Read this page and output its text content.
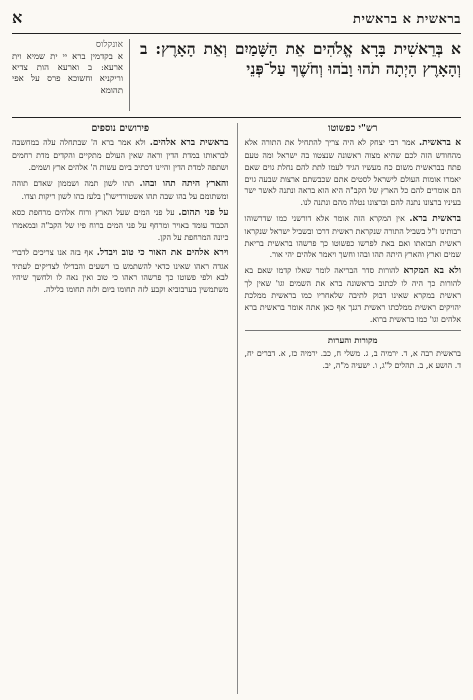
בראשית א בראשית
א

א בְּרֵאשִׁית בָּרָא אֱלֹהִים אֵת הַשָּׁמַיִם וְאֵת הָאָרֶץ: ב וְהָאָרֶץ הָיְתָה תֹהוּ וָבֹהוּ וְחֹשֶׁךְ עַל־פְּנֵי

אונקלוס

א בקדמין ברא יי ית שמיא וית ארעא: ב וארעא הות צדיא וריקניא וחשוכא פרס על אפי תהומא

רש"י כפשוטו

א בראשית. אמר רבי יצחק לא היה צריך להתחיל את התורה אלא מהחודש הזה לכם שהיא מצוה ראשונה שנצטוו בה ישראל ומה טעם פתח בבראשית משום כח מעשיו הגיד לעמו לתת להם נחלת גוים שאם יאמרו אומות העולם לישראל לסטים אתם שכבשתם ארצות שבעה גוים הם אומרים להם כל הארץ של הקב"ה היא הוא בראה ונתנה לאשר ישר בעיניו ברצונו נתנה להם וברצונו נטלה מהם ונתנה לנו.

בראשית ברא. אין המקרא הזה אומר אלא דורשני כמו שדרשוהו רבותינו ז"ל בשביל התורה שנקראת ראשית דרכו ובשביל ישראל שנקראו ראשית תבואתו ואם באת לפרשו כפשוטו כך פרשהו בראשית בריאת שמים וארץ והארץ היתה תהו ובהו וחשך ויאמר אלהים יהי אור.

ולא בא המקרא להורות סדר הבריאה לומר שאלו קדמו שאם בא להורות כך היה לו לכתוב בראשונה ברא את השמים וגו' שאין לך ראשית במקרא שאינו דבוק לתיבה שלאחריו כמו בראשית ממלכת יהויקים ראשית ממלכתו ראשית דגנך אף כאן אתה אומר בראשית ברא אלהים וגו' כמו בראשית ברוא.

מקורות והערות

בראשית רבה א, ד. ירמיה ב, ג. משלי ח, כב. ירמיה כז, א. דברים יח, ד. הושע א, ב. תהלים ל"ג, ו. ישעיה מ"ה, יב.

פירושים נוספים

בראשית ברא אלהים. ולא אמר ברא ה' שבתחלה עלה במחשבה לבראותו במדת הדין וראה שאין העולם מתקיים והקדים מדת רחמים ושתפה למדת הדין והיינו דכתיב ביום עשות ה' אלהים ארץ ושמים.

והארץ היתה תהו ובהו. תהו לשון תמה ושממון שאדם תוהה ומשתומם על בהו שבה תהו אשטורדישו"ן בלעז בהו לשון ריקות וצדו.

על פני תהום. על פני המים שעל הארץ ורוח אלהים מרחפת כסא הכבוד עומד באויר ומרחף על פני המים ברוח פיו של הקב"ה ובמאמרו כיונה המרחפת על הקן.

וירא אלהים את האור כי טוב ויבדל. אף בזה אנו צריכים לדברי אגדה ראהו שאינו כדאי להשתמש בו רשעים והבדילו לצדיקים לעתיד לבא ולפי פשוטו כך פרשהו ראהו כי טוב ואין נאה לו ולחשך שיהיו משתמשין בערבוביא וקבע לזה תחומו ביום ולזה תחומו בלילה.
